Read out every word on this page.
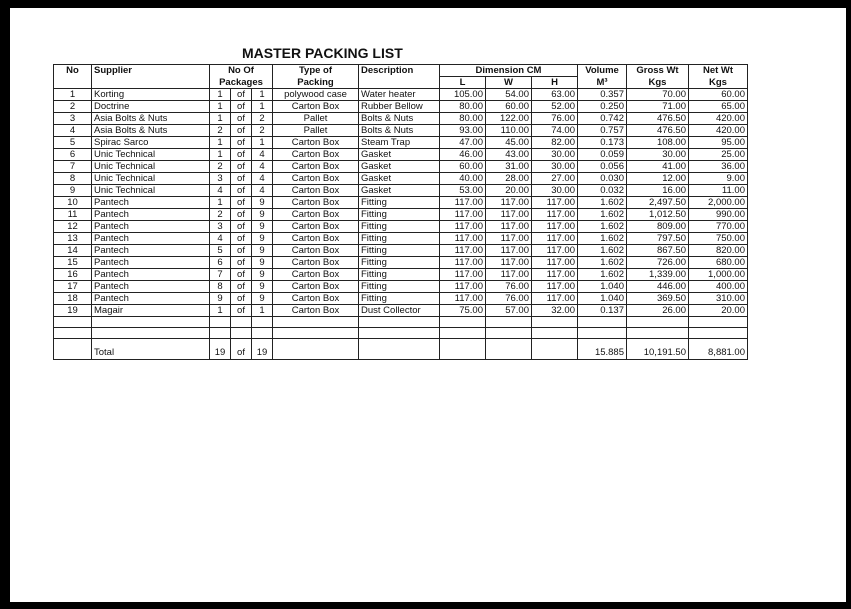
MASTER PACKING LIST
No	Supplier	No Of			Type of	Description	Dimension CM			Volume	Gross Wt	Net Wt
		Packages			Packing		L	W	H	M³	Kgs	Kgs
1	Korting	1	of	1	polywood case	Water heater	105.00	54.00	63.00	0.357	70.00	60.00
2	Doctrine	1	of	1	Carton Box	Rubber Bellow	80.00	60.00	52.00	0.250	71.00	65.00
3	Asia Bolts & Nuts	1	of	2	Pallet	Bolts & Nuts	80.00	122.00	76.00	0.742	476.50	420.00
4	Asia Bolts & Nuts	2	of	2	Pallet	Bolts & Nuts	93.00	110.00	74.00	0.757	476.50	420.00
5	Spirac Sarco	1	of	1	Carton Box	Steam Trap	47.00	45.00	82.00	0.173	108.00	95.00
6	Unic Technical	1	of	4	Carton Box	Gasket	46.00	43.00	30.00	0.059	30.00	25.00
7	Unic Technical	2	of	4	Carton Box	Gasket	60.00	31.00	30.00	0.056	41.00	36.00
8	Unic Technical	3	of	4	Carton Box	Gasket	40.00	28.00	27.00	0.030	12.00	9.00
9	Unic Technical	4	of	4	Carton Box	Gasket	53.00	20.00	30.00	0.032	16.00	11.00
10	Pantech	1	of	9	Carton Box	Fitting	117.00	117.00	117.00	1.602	2,497.50	2,000.00
11	Pantech	2	of	9	Carton Box	Fitting	117.00	117.00	117.00	1.602	1,012.50	990.00
12	Pantech	3	of	9	Carton Box	Fitting	117.00	117.00	117.00	1.602	809.00	770.00
13	Pantech	4	of	9	Carton Box	Fitting	117.00	117.00	117.00	1.602	797.50	750.00
14	Pantech	5	of	9	Carton Box	Fitting	117.00	117.00	117.00	1.602	867.50	820.00
15	Pantech	6	of	9	Carton Box	Fitting	117.00	117.00	117.00	1.602	726.00	680.00
16	Pantech	7	of	9	Carton Box	Fitting	117.00	117.00	117.00	1.602	1,339.00	1,000.00
17	Pantech	8	of	9	Carton Box	Fitting	117.00	76.00	117.00	1.040	446.00	400.00
18	Pantech	9	of	9	Carton Box	Fitting	117.00	76.00	117.00	1.040	369.50	310.00
19	Magair	1	of	1	Carton Box	Dust Collector	75.00	57.00	32.00	0.137	26.00	20.00

	Total	19	of	19						15.885	10,191.50	8,881.00
